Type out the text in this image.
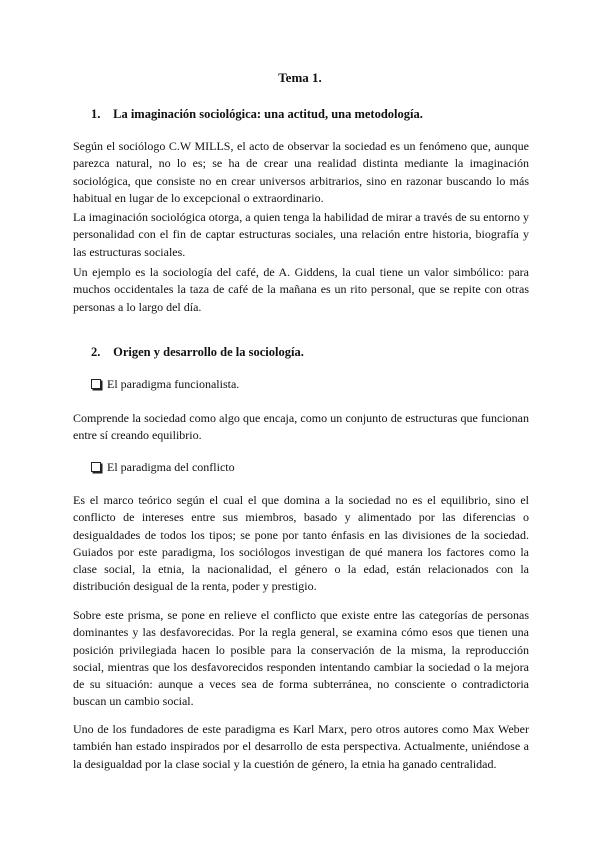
Tema 1.
1. La imaginación sociológica: una actitud, una metodología.
Según el sociólogo C.W MILLS, el acto de observar la sociedad es un fenómeno que, aunque parezca natural, no lo es; se ha de crear una realidad distinta mediante la imaginación sociológica, que consiste no en crear universos arbitrarios, sino en razonar buscando lo más habitual en lugar de lo excepcional o extraordinario.
La imaginación sociológica otorga, a quien tenga la habilidad de mirar a través de su entorno y personalidad con el fin de captar estructuras sociales, una relación entre historia, biografía y las estructuras sociales.
Un ejemplo es la sociología del café, de A. Giddens, la cual tiene un valor simbólico: para muchos occidentales la taza de café de la mañana es un rito personal, que se repite con otras personas a lo largo del día.
2. Origen y desarrollo de la sociología.
El paradigma funcionalista.
Comprende la sociedad como algo que encaja, como un conjunto de estructuras que funcionan entre sí creando equilibrio.
El paradigma del conflicto
Es el marco teórico según el cual el que domina a la sociedad no es el equilibrio, sino el conflicto de intereses entre sus miembros, basado y alimentado por las diferencias o desigualdades de todos los tipos; se pone por tanto énfasis en las divisiones de la sociedad. Guiados por este paradigma, los sociólogos investigan de qué manera los factores como la clase social, la etnia, la nacionalidad, el género o la edad, están relacionados con la distribución desigual de la renta, poder y prestigio.
Sobre este prisma, se pone en relieve el conflicto que existe entre las categorías de personas dominantes y las desfavorecidas. Por la regla general, se examina cómo esos que tienen una posición privilegiada hacen lo posible para la conservación de la misma, la reproducción social, mientras que los desfavorecidos responden intentando cambiar la sociedad o la mejora de su situación: aunque a veces sea de forma subterránea, no consciente o contradictoria buscan un cambio social.
Uno de los fundadores de este paradigma es Karl Marx, pero otros autores como Max Weber también han estado inspirados por el desarrollo de esta perspectiva. Actualmente, uniéndose a la desigualdad por la clase social y la cuestión de género, la etnia ha ganado centralidad.
